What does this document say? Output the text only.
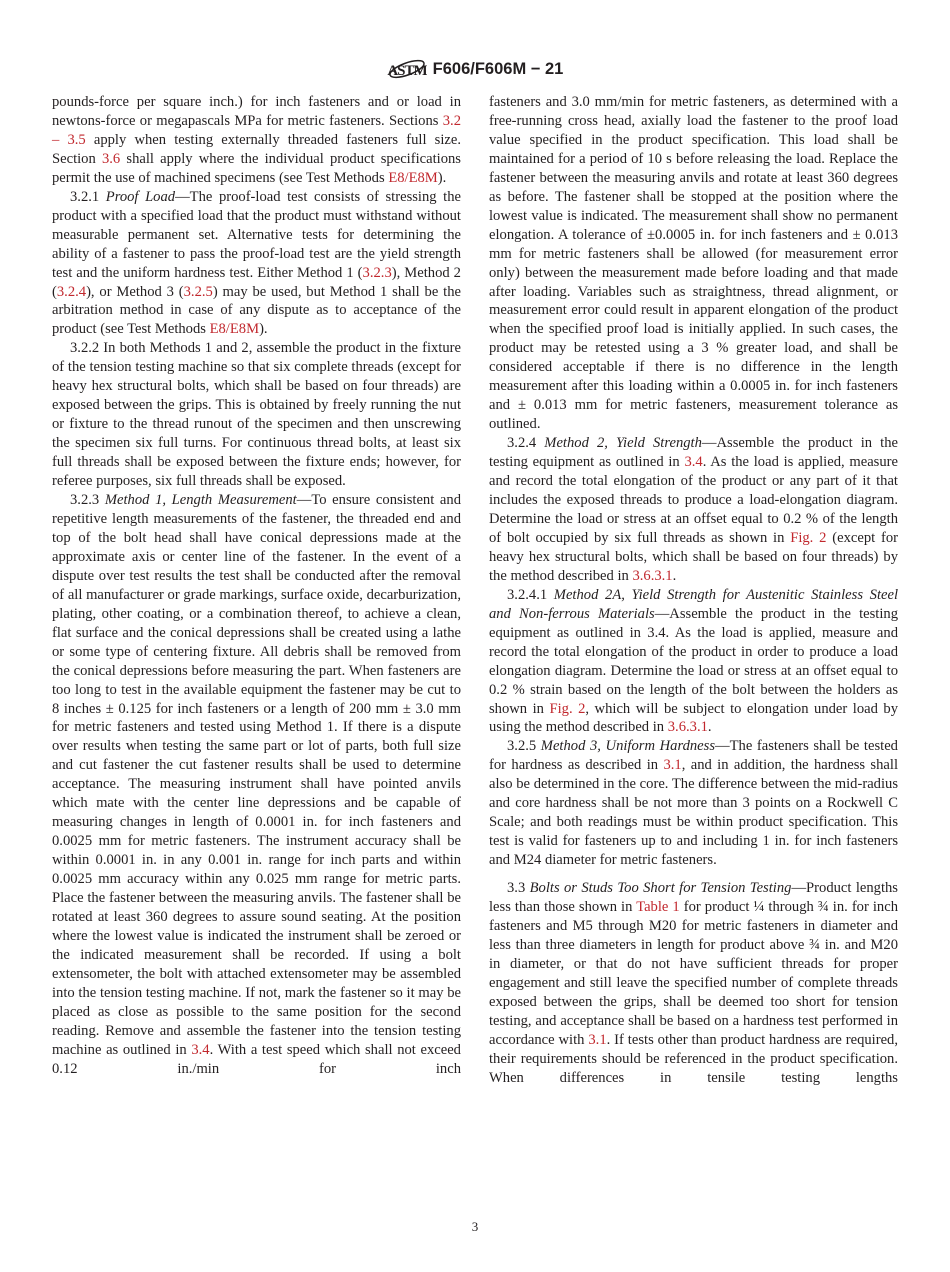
ASTM F606/F606M − 21

pounds-force per square inch.) for inch fasteners and or load in newtons-force or megapascals MPa for metric fasteners. Sections 3.2 – 3.5 apply when testing externally threaded fasteners full size. Section 3.6 shall apply where the individual product specifications permit the use of machined specimens (see Test Methods E8/E8M).

3.2.1 Proof Load—The proof-load test consists of stressing the product with a specified load that the product must withstand without measurable permanent set. Alternative tests for determining the ability of a fastener to pass the proof-load test are the yield strength test and the uniform hardness test. Either Method 1 (3.2.3), Method 2 (3.2.4), or Method 3 (3.2.5) may be used, but Method 1 shall be the arbitration method in case of any dispute as to acceptance of the product (see Test Methods E8/E8M).

3.2.2 In both Methods 1 and 2, assemble the product in the fixture of the tension testing machine so that six complete threads (except for heavy hex structural bolts, which shall be based on four threads) are exposed between the grips. This is obtained by freely running the nut or fixture to the thread runout of the specimen and then unscrewing the specimen six full turns. For continuous thread bolts, at least six full threads shall be exposed between the fixture ends; however, for referee purposes, six full threads shall be exposed.

3.2.3 Method 1, Length Measurement—To ensure consistent and repetitive length measurements of the fastener, the threaded end and top of the bolt head shall have conical depressions made at the approximate axis or center line of the fastener. In the event of a dispute over test results the test shall be conducted after the removal of all manufacturer or grade markings, surface oxide, decarburization, plating, other coating, or a combination thereof, to achieve a clean, flat surface and the conical depressions shall be created using a lathe or some type of centering fixture. All debris shall be removed from the conical depressions before measuring the part. When fasteners are too long to test in the available equipment the fastener may be cut to 8 inches ± 0.125 for inch fasteners or a length of 200 mm ± 3.0 mm for metric fasteners and tested using Method 1. If there is a dispute over results when testing the same part or lot of parts, both full size and cut fastener the cut fastener results shall be used to determine acceptance. The measuring instrument shall have pointed anvils which mate with the center line depressions and be capable of measuring changes in length of 0.0001 in. for inch fasteners and 0.0025 mm for metric fasteners. The instrument accuracy shall be within 0.0001 in. in any 0.001 in. range for inch parts and within 0.0025 mm accuracy within any 0.025 mm range for metric parts. Place the fastener between the measuring anvils. The fastener shall be rotated at least 360 degrees to assure sound seating. At the position where the lowest value is indicated the instrument shall be zeroed or the indicated measurement shall be recorded. If using a bolt extensometer, the bolt with attached extensometer may be assembled into the tension testing machine. If not, mark the fastener so it may be placed as close as possible to the same position for the second reading. Remove and assemble the fastener into the tension testing machine as outlined in 3.4. With a test speed which shall not exceed 0.12 in./min for inch

fasteners and 3.0 mm/min for metric fasteners, as determined with a free-running cross head, axially load the fastener to the proof load value specified in the product specification. This load shall be maintained for a period of 10 s before releasing the load. Replace the fastener between the measuring anvils and rotate at least 360 degrees as before. The fastener shall be stopped at the position where the lowest value is indicated. The measurement shall show no permanent elongation. A tolerance of ±0.0005 in. for inch fasteners and ± 0.013 mm for metric fasteners shall be allowed (for measurement error only) between the measurement made before loading and that made after loading. Variables such as straightness, thread alignment, or measurement error could result in apparent elongation of the product when the specified proof load is initially applied. In such cases, the product may be retested using a 3 % greater load, and shall be considered acceptable if there is no difference in the length measurement after this loading within a 0.0005 in. for inch fasteners and ± 0.013 mm for metric fasteners, measurement tolerance as outlined.

3.2.4 Method 2, Yield Strength—Assemble the product in the testing equipment as outlined in 3.4. As the load is applied, measure and record the total elongation of the product or any part of it that includes the exposed threads to produce a load-elongation diagram. Determine the load or stress at an offset equal to 0.2 % of the length of bolt occupied by six full threads as shown in Fig. 2 (except for heavy hex structural bolts, which shall be based on four threads) by the method described in 3.6.3.1.

3.2.4.1 Method 2A, Yield Strength for Austenitic Stainless Steel and Non-ferrous Materials—Assemble the product in the testing equipment as outlined in 3.4. As the load is applied, measure and record the total elongation of the product in order to produce a load elongation diagram. Determine the load or stress at an offset equal to 0.2 % strain based on the length of the bolt between the holders as shown in Fig. 2, which will be subject to elongation under load by using the method described in 3.6.3.1.

3.2.5 Method 3, Uniform Hardness—The fasteners shall be tested for hardness as described in 3.1, and in addition, the hardness shall also be determined in the core. The difference between the mid-radius and core hardness shall be not more than 3 points on a Rockwell C Scale; and both readings must be within product specification. This test is valid for fasteners up to and including 1 in. for inch fasteners and M24 diameter for metric fasteners.

3.3 Bolts or Studs Too Short for Tension Testing—Product lengths less than those shown in Table 1 for product ¼ through ¾ in. for inch fasteners and M5 through M20 for metric fasteners in diameter and less than three diameters in length for product above ¾ in. and M20 in diameter, or that do not have sufficient threads for proper engagement and still leave the specified number of complete threads exposed between the grips, shall be deemed too short for tension testing, and acceptance shall be based on a hardness test performed in accordance with 3.1. If tests other than product hardness are required, their requirements should be referenced in the product specification. When differences in tensile testing lengths

3
